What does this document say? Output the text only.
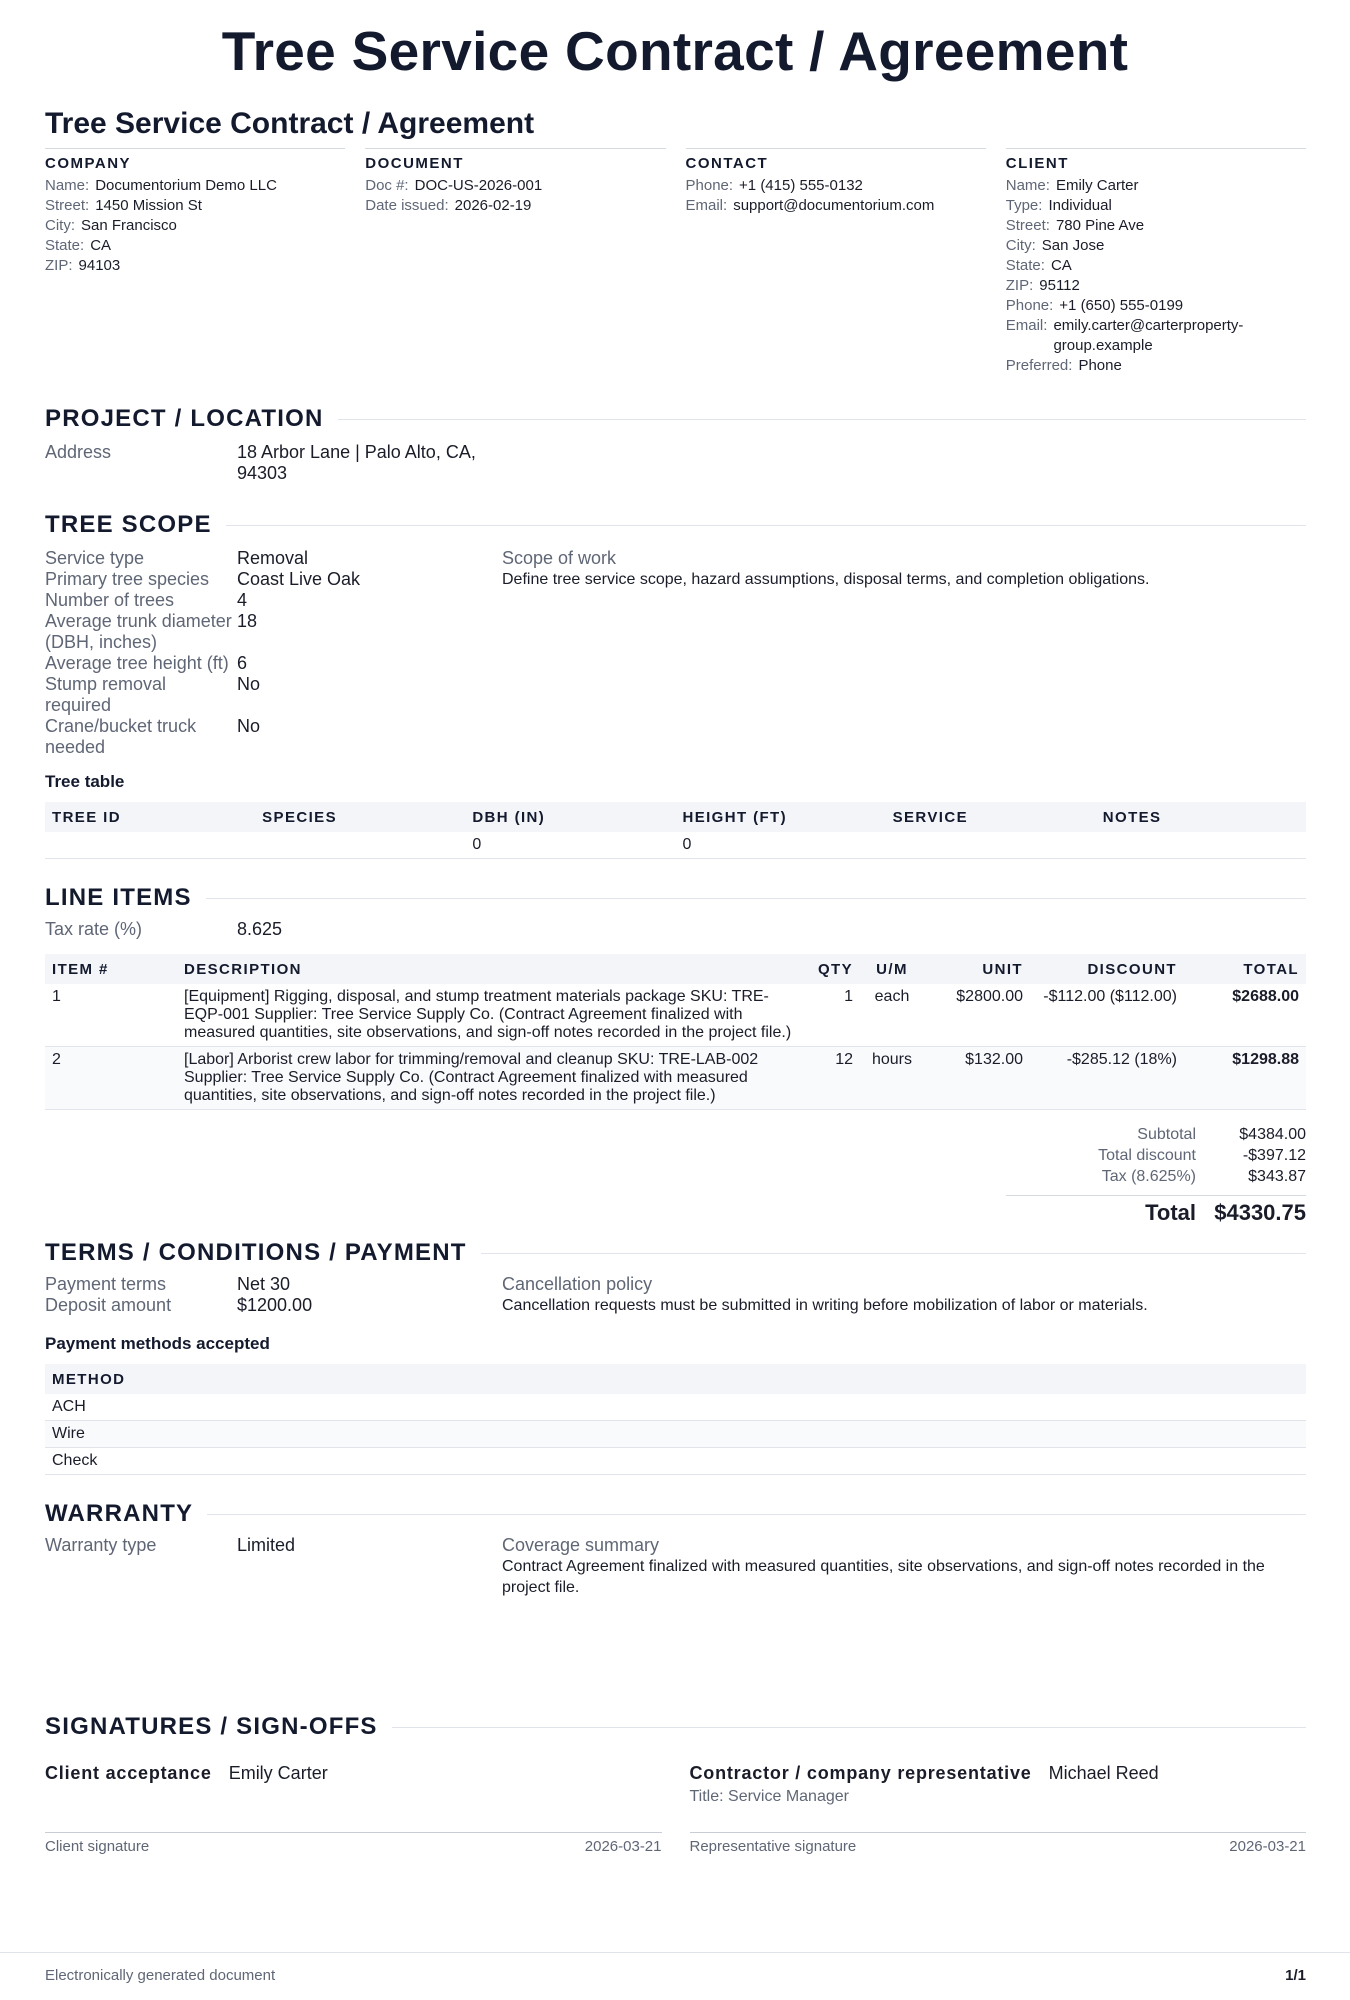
Tree Service Contract / Agreement
Tree Service Contract / Agreement
COMPANY
Name: Documentorium Demo LLC
Street: 1450 Mission St
City: San Francisco
State: CA
ZIP: 94103
DOCUMENT
Doc #: DOC-US-2026-001
Date issued: 2026-02-19
CONTACT
Phone: +1 (415) 555-0132
Email: support@documentorium.com
CLIENT
Name: Emily Carter
Type: Individual
Street: 780 Pine Ave
City: San Jose
State: CA
ZIP: 95112
Phone: +1 (650) 555-0199
Email: emily.carter@carterproperty-group.example
Preferred: Phone
PROJECT / LOCATION
Address	18 Arbor Lane | Palo Alto, CA, 94303
TREE SCOPE
Service type	Removal
Primary tree species	Coast Live Oak
Number of trees	4
Average trunk diameter (DBH, inches)
18
Average tree height (ft) 6
Stump removal required
No
Crane/bucket truck needed
No
Scope of work
Define tree service scope, hazard assumptions, disposal terms, and completion obligations.

Tree table

TREE ID	SPECIES	DBH (IN)	HEIGHT (FT)	SERVICE	NOTES
		0	0		
LINE ITEMS
Tax rate (%)	8.625
ITEM #	DESCRIPTION	QTY	U/M	UNIT	DISCOUNT	TOTAL
1	[Equipment] Rigging, disposal, and stump treatment materials package SKU: TRE-EQP-001 Supplier: Tree Service Supply Co. (Contract Agreement finalized with measured quantities, site observations, and sign-off notes recorded in the project file.)	1	each	$2800.00	-$112.00 ($112.00)	$2688.00
2	[Labor] Arborist crew labor for trimming/removal and cleanup SKU: TRE-LAB-002 Supplier: Tree Service Supply Co. (Contract Agreement finalized with measured quantities, site observations, and sign-off notes recorded in the project file.)	12	hours	$132.00	-$285.12 (18%)	$1298.88
Subtotal	$4384.00
Total discount	-$397.12
Tax (8.625%)	$343.87
Total $4330.75
TERMS / CONDITIONS / PAYMENT
Payment terms	Net 30
Deposit amount	$1200.00
Cancellation policy
Cancellation requests must be submitted in writing before mobilization of labor or materials.

Payment methods accepted

METHOD
ACH
Wire
Check
WARRANTY
Warranty type	Limited	Coverage summary
Contract Agreement finalized with measured quantities, site observations, and sign-off notes recorded in the project file.
SIGNATURES / SIGN-OFFS
Client acceptance Emily Carter
Client signature	2026-03-21
Contractor / company representative Michael Reed
Title: Service Manager
Representative signature	2026-03-21
Electronically generated document	1/1
